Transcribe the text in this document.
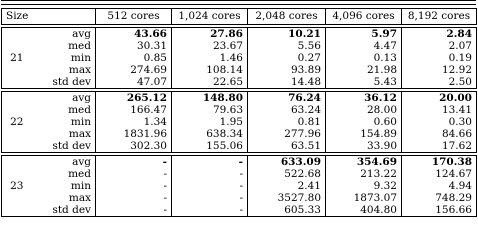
Size		512 cores	1,024 cores	2,048 cores	4,096 cores	8,192 cores

21	avg	43.66	27.86	10.21	5.97	2.84
	med	30.31	23.67	5.56	4.47	2.07
	min	0.85	1.46	0.27	0.13	0.19
	max	274.69	108.14	93.89	21.98	12.92
	std dev	47.07	22.65	14.48	5.43	2.50

22	avg	265.12	148.80	76.24	36.12	20.00
	med	166.47	79.63	63.24	28.00	13.41
	min	1.34	1.95	0.81	0.60	0.30
	max	1831.96	638.34	277.96	154.89	84.66
	std dev	302.30	155.06	63.51	33.90	17.62

23	avg	-	-	633.09	354.69	170.38
	med	-	-	522.68	213.22	124.67
	min	-	-	2.41	9.32	4.94
	max	-	-	3527.80	1873.07	748.29
	std dev	-	-	605.33	404.80	156.66
